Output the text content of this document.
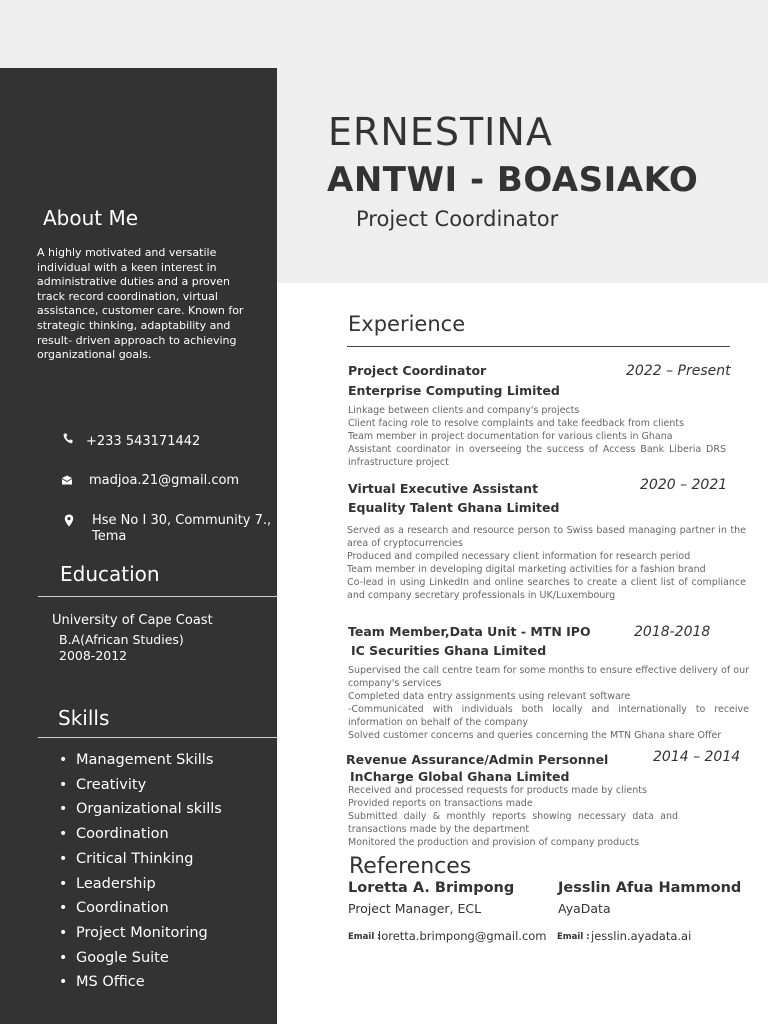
ERNESTINA
ANTWI - BOASIAKO
Project Coordinator
About Me
A highly motivated and versatile individual with a keen interest in administrative duties and a proven track record coordination, virtual assistance, customer care. Known for strategic thinking, adaptability and result- driven approach to achieving organizational goals.
+233 543171442
madjoa.21@gmail.com
Hse No I 30, Community 7., Tema
Education
University of Cape Coast
B.A(African Studies)
2008-2012
Skills
• Management Skills
• Creativity
• Organizational skills
• Coordination
• Critical Thinking
• Leadership
• Coordination
• Project Monitoring
• Google Suite
• MS Office
Experience
Project Coordinator	2022 – Present
Enterprise Computing Limited

Linkage between clients and company's projects

Client facing role to resolve complaints and take feedback from clients

Team member in project documentation for various clients in Ghana

Assistant coordinator in overseeing the success of Access Bank Liberia DRS infrastructure project

Virtual Executive Assistant	2020 – 2021
Equality Talent Ghana Limited

Served as a research and resource person to Swiss based managing partner in the area of cryptocurrencies

Produced and compiled necessary client information for research period

Team member in developing digital marketing activities for a fashion brand

Co-lead in using LinkedIn and online searches to create a client list of compliance and company secretary professionals in UK/Luxembourg

Team Member,Data Unit - MTN IPO	2018-2018
IC Securities Ghana Limited

Supervised the call centre team for some months to ensure effective delivery of our company's services

Completed data entry assignments using relevant software

-Communicated with individuals both locally and internationally to receive information on behalf of the company

Solved customer concerns and queries concerning the MTN Ghana share Offer

Revenue Assurance/Admin Personnel	2014 – 2014
InCharge Global Ghana Limited

Received and processed requests for products made by clients

Provided reports on transactions made

Submitted daily & monthly reports showing necessary data and transactions made by the department

Monitored the production and provision of company products

References
Loretta A. Brimpong
Project Manager, ECL
Email :
loretta.brimpong@gmail.com
Jesslin Afua Hammond
AyaData
Email : jesslin.ayadata.ai
